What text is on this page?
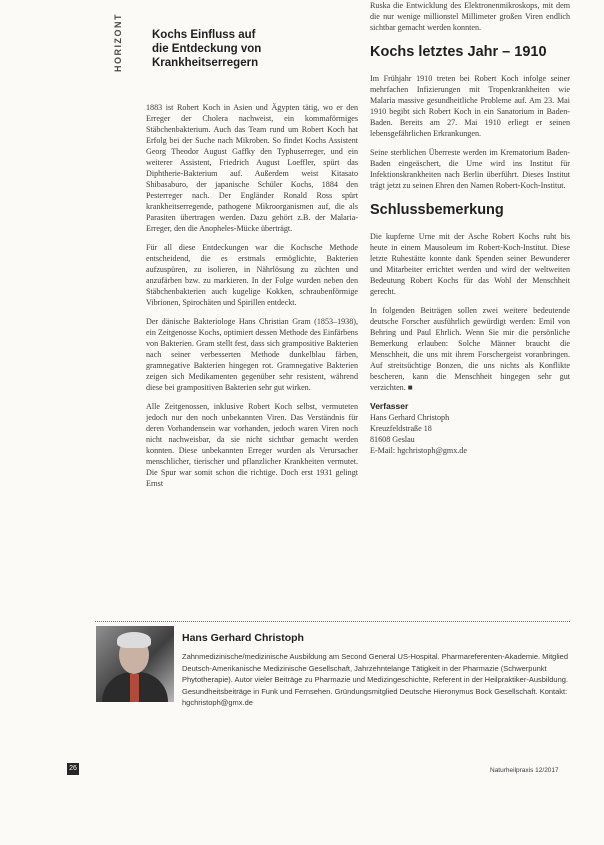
HORIZONT	Kochs Einfluss auf
die Entdeckung von
Krankheitserregern

1883 ist Robert Koch in Asien und Ägypten tätig, wo er den Erreger der Cholera nachweist, ein kommaförmiges Stäbchenbakterium. Auch das Team rund um Robert Koch hat Erfolg bei der Suche nach Mikroben. So findet Kochs Assistent Georg Theodor August Gaffky den Typhuserreger, und ein weiterer Assistent, Friedrich August Loeffler, spürt das Diphtherie-Bakterium auf. Außerdem weist Kitasato Shibasaburo, der japanische Schüler Kochs, 1884 den Pesterreger nach. Der Engländer Ronald Ross spürt krankheitserregende, pathogene Mikroorganismen auf, die als Parasiten übertragen werden. Dazu gehört z.B. der Malaria-Erreger, den die Anopheles-Mücke überträgt.

Für all diese Entdeckungen war die Kochsche Methode entscheidend, die es erstmals ermöglichte, Bakterien aufzuspüren, zu isolieren, in Nährlösung zu züchten und anzufärben bzw. zu markieren. In der Folge wurden neben den Stäbchenbakterien auch kugelige Kokken, schraubenförmige Vibrionen, Spirochäten und Spirillen entdeckt.

Der dänische Bakteriologe Hans Christian Gram (1853–1938), ein Zeitgenosse Kochs, optimiert dessen Methode des Einfärbens von Bakterien. Gram stellt fest, dass sich grampositive Bakterien nach seiner verbesserten Methode dunkelblau färben, gramnegative Bakterien hingegen rot. Gramnegative Bakterien zeigen sich Medikamenten gegenüber sehr resistent, während diese bei grampositiven Bakterien sehr gut wirken.

Alle Zeitgenossen, inklusive Robert Koch selbst, vermuteten jedoch nur den noch unbekannten Viren. Das Verständnis für deren Vorhandensein war vorhanden, jedoch waren Viren noch nicht nachweisbar, da sie nicht sichtbar gemacht werden konnten. Diese unbekannten Erreger wurden als Verursacher menschlicher, tierischer und pflanzlicher Krankheiten vermutet. Die Spur war somit schon die richtige. Doch erst 1931 gelingt Ernst

Ruska die Entwicklung des Elektronenmikroskops, mit dem die nur wenige millionstel Millimeter großen Viren endlich sichtbar gemacht werden konnten.

Kochs letztes Jahr – 1910

Im Frühjahr 1910 treten bei Robert Koch infolge seiner mehrfachen Infizierungen mit Tropenkrankheiten wie Malaria massive gesundheitliche Probleme auf. Am 23. Mai 1910 begibt sich Robert Koch in ein Sanatorium in Baden-Baden. Bereits am 27. Mai 1910 erliegt er seinen lebensgefährlichen Erkrankungen.

Seine sterblichen Überreste werden im Krematorium Baden-Baden eingeäschert, die Urne wird ins Institut für Infektionskrankheiten nach Berlin überführt. Dieses Institut trägt jetzt zu seinen Ehren den Namen Robert-Koch-Institut.

Schlussbemerkung

Die kupferne Urne mit der Asche Robert Kochs ruht bis heute in einem Mausoleum im Robert-Koch-Institut. Diese letzte Ruhestätte konnte dank Spenden seiner Bewunderer und Mitarbeiter errichtet werden und wird der weltweiten Bedeutung Robert Kochs für das Wohl der Menschheit gerecht.

In folgenden Beiträgen sollen zwei weitere bedeutende deutsche Forscher ausführlich gewürdigt werden: Emil von Behring und Paul Ehrlich. Wenn Sie mir die persönliche Bemerkung erlauben: Solche Männer braucht die Menschheit, die uns mit ihrem Forschergeist voranbringen. Auf streitsüchtige Bonzen, die uns nichts als Konflikte bescheren, kann die Menschheit hingegen sehr gut verzichten. ■

Verfasser
Hans Gerhard Christoph
Kreuzfeldstraße 18
81608 Geslau
E-Mail: hgchristoph@gmx.de
Hans Gerhard Christoph
Zahnmedizinische/medizinische Ausbildung am Second General US-Hospital. Pharmareferenten-Akademie. Mitglied Deutsch-Amerikanische Medizinische Gesellschaft, Jahrzehntelange Tätigkeit in der Pharmazie (Schwerpunkt Phytotherapie). Autor vieler Beiträge zu Pharmazie und Medizingeschichte, Referent in der Heilpraktiker-Ausbildung. Gesundheitsbeiträge in Funk und Fernsehen. Gründungsmitglied Deutsche Hieronymus Bock Gesellschaft. Kontakt: hgchristoph@gmx.de
26	Naturheilpraxis 12/2017
